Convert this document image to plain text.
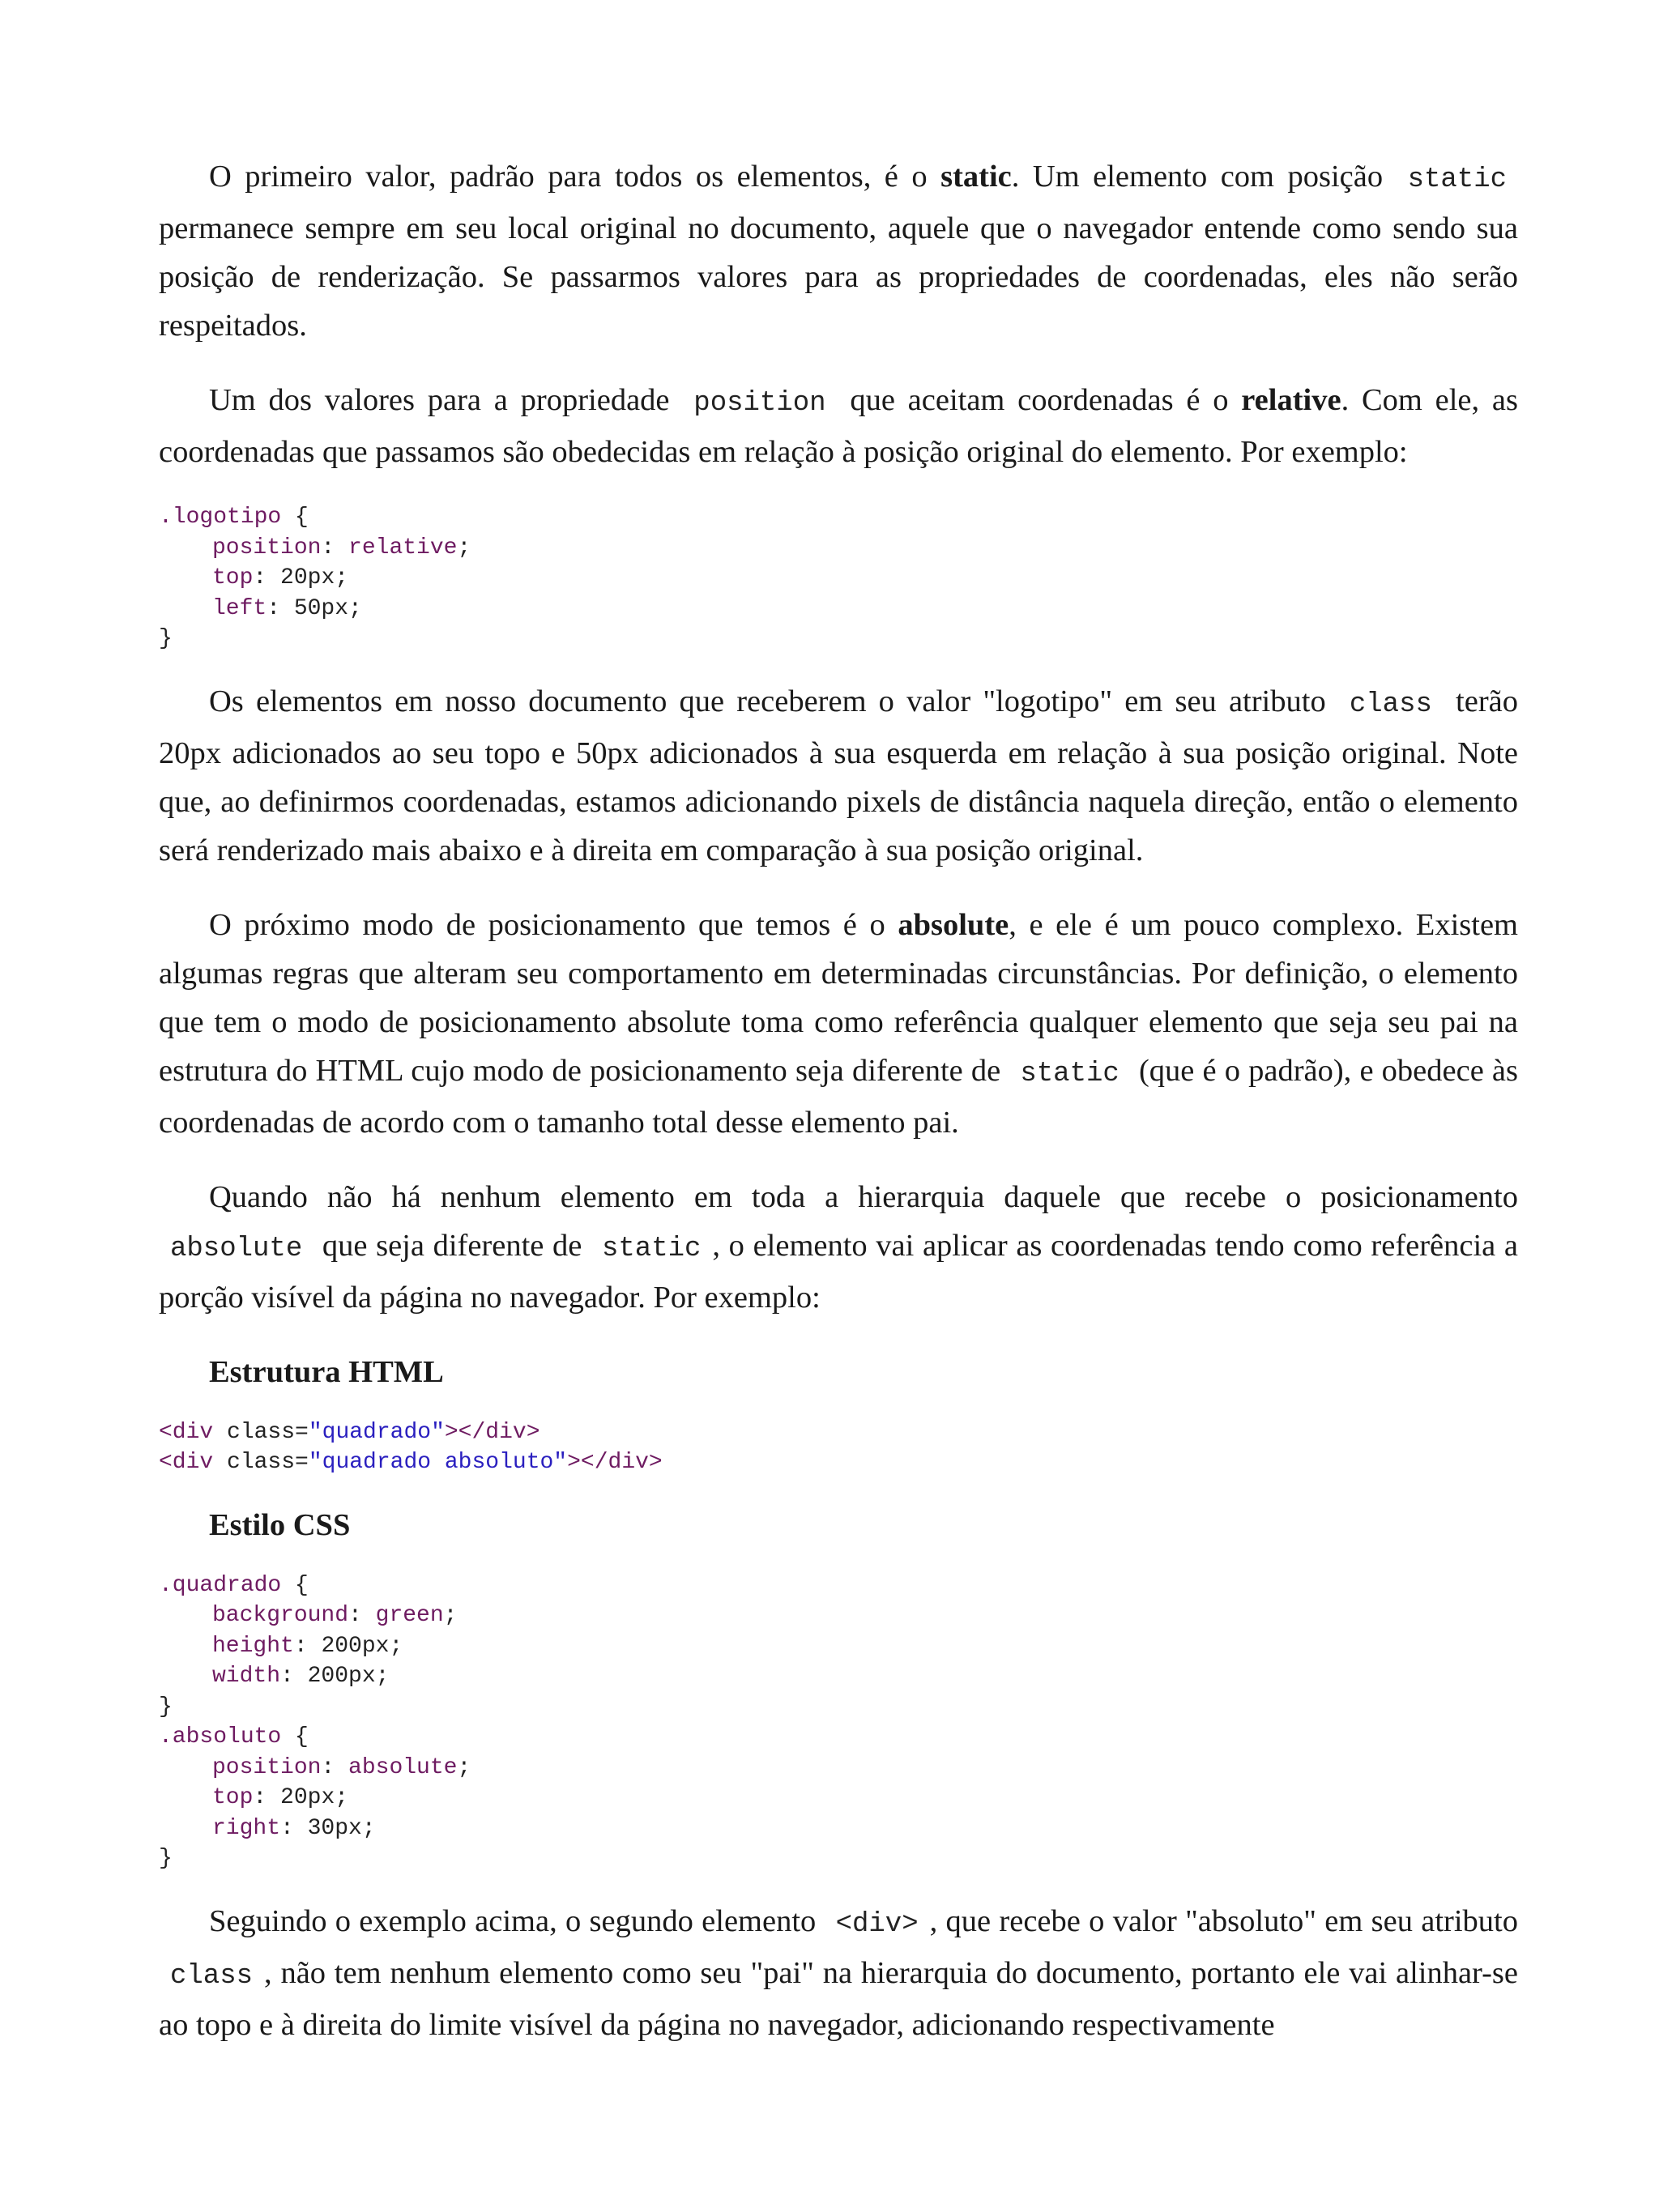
O primeiro valor, padrão para todos os elementos, é o static. Um elemento com posição static permanece sempre em seu local original no documento, aquele que o navegador entende como sendo sua posição de renderização. Se passarmos valores para as propriedades de coordenadas, eles não serão respeitados.

Um dos valores para a propriedade position que aceitam coordenadas é o relative. Com ele, as coordenadas que passamos são obedecidas em relação à posição original do elemento. Por exemplo:

.logotipo {
position: relative;
top: 20px;
left: 50px;
}

Os elementos em nosso documento que receberem o valor "logotipo" em seu atributo class terão 20px adicionados ao seu topo e 50px adicionados à sua esquerda em relação à sua posição original. Note que, ao definirmos coordenadas, estamos adicionando pixels de distância naquela direção, então o elemento será renderizado mais abaixo e à direita em comparação à sua posição original.

O próximo modo de posicionamento que temos é o absolute, e ele é um pouco complexo. Existem algumas regras que alteram seu comportamento em determinadas circunstâncias. Por definição, o elemento que tem o modo de posicionamento absolute toma como referência qualquer elemento que seja seu pai na estrutura do HTML cujo modo de posicionamento seja diferente de static (que é o padrão), e obedece às coordenadas de acordo com o tamanho total desse elemento pai.

Quando não há nenhum elemento em toda a hierarquia daquele que recebe o posicionamento absolute que seja diferente de static , o elemento vai aplicar as coordenadas tendo como referência a porção visível da página no navegador. Por exemplo:

Estrutura HTML
<div class="quadrado"></div>
<div class="quadrado absoluto"></div>
Estilo CSS
.quadrado {
background: green;
height: 200px;
width: 200px;
}
.absoluto {
position: absolute;
top: 20px;
right: 30px;
}

Seguindo o exemplo acima, o segundo elemento <div> , que recebe o valor "absoluto" em seu atributo class , não tem nenhum elemento como seu "pai" na hierarquia do documento, portanto ele vai alinhar-se ao topo e à direita do limite visível da página no navegador, adicionando respectivamente
